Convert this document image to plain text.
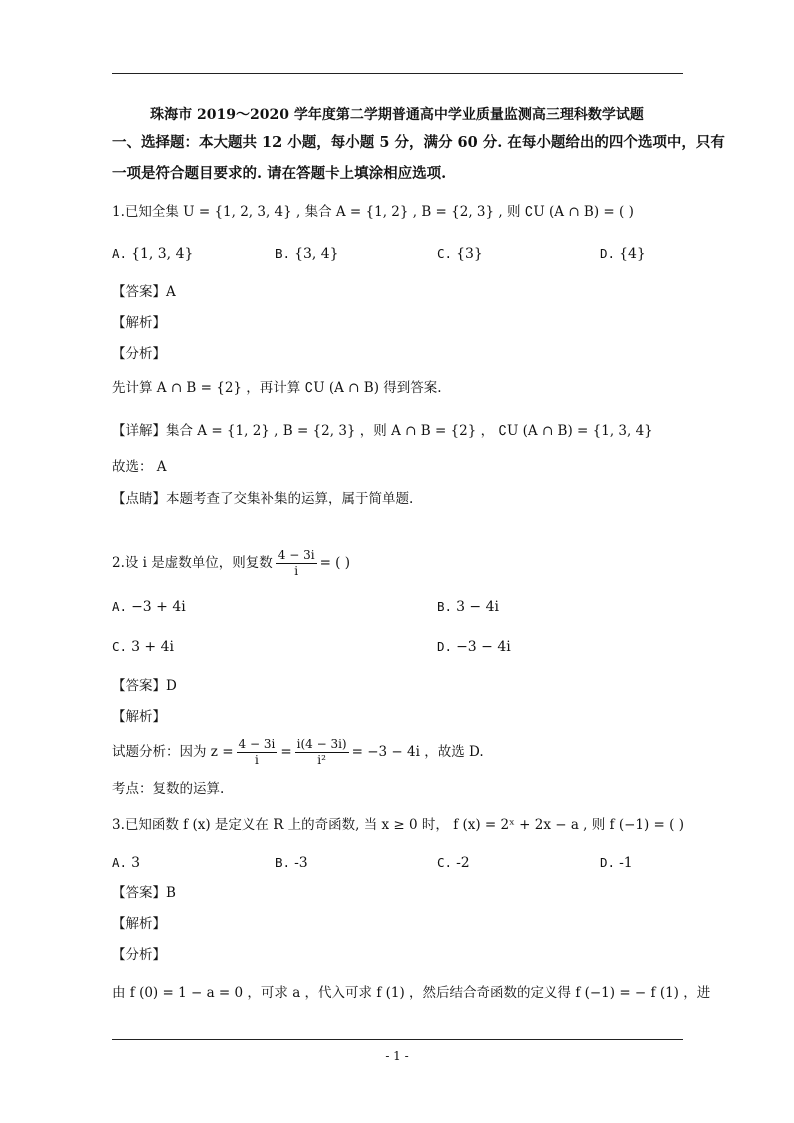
珠海市 2019～2020 学年度第二学期普通高中学业质量监测高三理科数学试题
一、选择题：本大题共 12 小题，每小题 5 分，满分 60 分. 在每小题给出的四个选项中，只有
一项是符合题目要求的. 请在答题卡上填涂相应选项.
1.已知全集 U = {1, 2, 3, 4} , 集合 A = {1, 2} , B = {2, 3} , 则 ∁U (A ∩ B) = ( )
A. {1, 3, 4}	B. {3, 4}	C. {3}	D. {4}
【答案】A
【解析】
【分析】
先计算 A ∩ B = {2} ，再计算 ∁U (A ∩ B) 得到答案.
【详解】集合 A = {1, 2} , B = {2, 3} ，则 A ∩ B = {2} ， ∁U (A ∩ B) = {1, 3, 4}
故选： A
【点睛】本题考查了交集补集的运算，属于简单题.
2.设 i 是虚数单位，则复数 $\frac{4 - 3i}{i}$ = ( )
A. −3 + 4i	B. 3 − 4i
C. 3 + 4i	D. −3 − 4i
【答案】D
【解析】
试题分析：因为 $z = \frac{4 - 3i}{i} = \frac{i(4 - 3i)}{\text{i²}} = -3 - 4i$ ，故选 D.
考点：复数的运算.
3.已知函数 f (x) 是定义在 R 上的奇函数, 当 x ≥ 0 时， f (x) = 2ˣ + 2x − a , 则 f (−1) = ( )
A. 3	B. -3	C. -2	D. -1
【答案】B
【解析】
【分析】
由 f (0) = 1 − a = 0 ，可求 a ，代入可求 f (1) ，然后结合奇函数的定义得 f (−1) = − f (1) ，进
- 1 -
